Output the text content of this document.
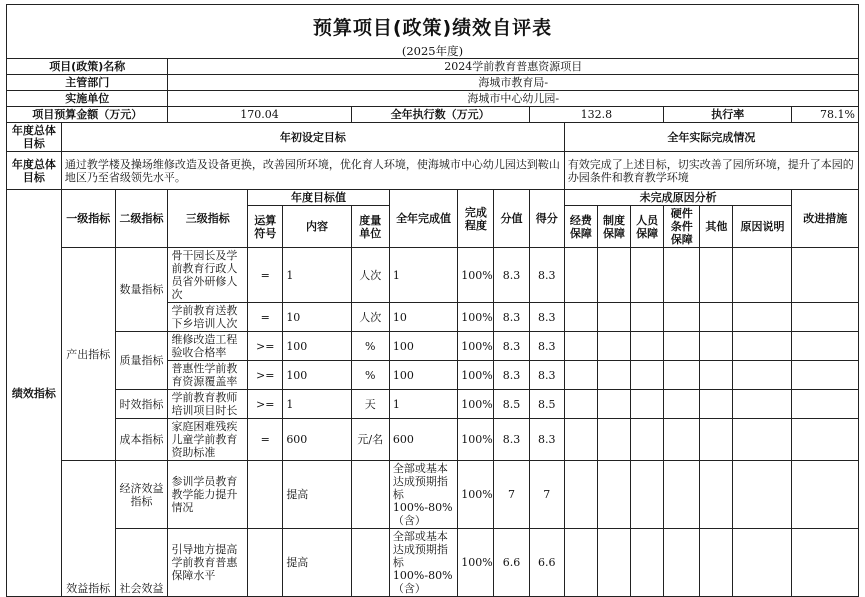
预算项目(政策)绩效自评表
(2025年度)
项目(政策)名称			2024学前教育普惠资源项目														
主管部门			海城市教育局-														
实施单位			海城市中心幼儿园-														
项目预算金额（万元）			170.04			全年执行数（万元）				132.8				执行率			78.1%
年度总体目标	年初设定目标										全年实际完成情况						
年度总体目标	通过教学楼及操场维修改造及设备更换，改善园所环境，优化育人环境，使海城市中心幼儿园达到鞍山地区乃至省级领先水平。										有效完成了上述目标，切实改善了园所环境，提升了本园的办园条件和教育教学环境						
绩效指标	一级指标	二级指标	三级指标	年度目标值			全年完成值	完成程度	分值	得分	未完成原因分析						改进措施
				运算符号	内容	度量单位					经费保障	制度保障	人员保障	硬件条件保障	其他	原因说明	
	产出指标	数量指标	骨干园长及学前教育行政人员省外研修人次	=	1	人次	1	100%	8.3	8.3							
			学前教育送教下乡培训人次	=	10	人次	10	100%	8.3	8.3							
		质量指标	维修改造工程验收合格率	>=	100	%	100	100%	8.3	8.3							
			普惠性学前教育资源覆盖率	>=	100	%	100	100%	8.3	8.3							
		时效指标	学前教育教师培训项目时长	>=	1	天	1	100%	8.5	8.5							
		成本指标	家庭困难残疾儿童学前教育资助标准	=	600	元/名	600	100%	8.3	8.3							
	效益指标	经济效益指标	参训学员教育教学能力提升情况		提高		全部或基本达成预期指标100%-80%（含）	100%	7	7							
		社会效益	引导地方提高学前教育普惠保障水平		提高		全部或基本达成预期指标100%-80%（含）	100%	6.6	6.6							
